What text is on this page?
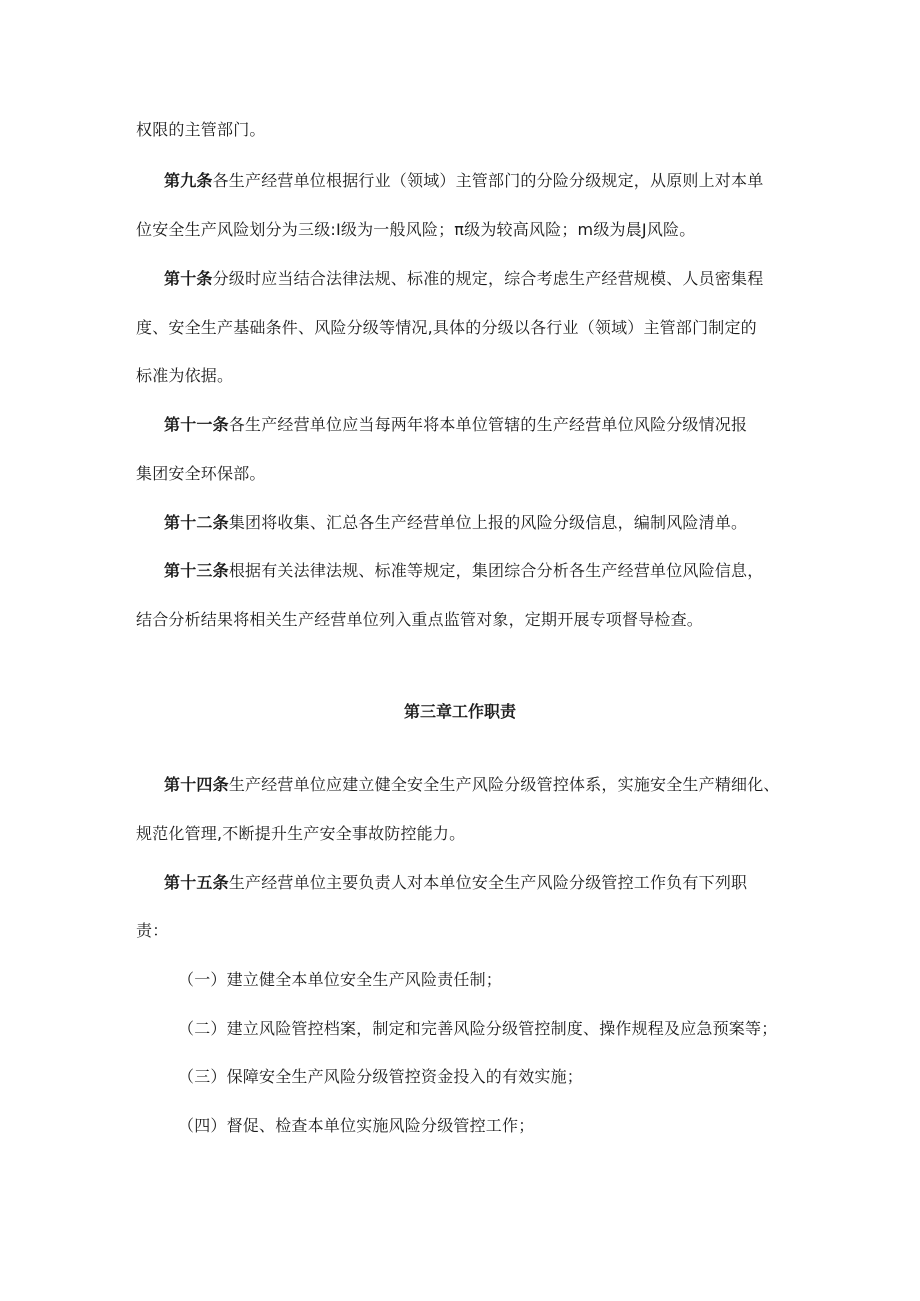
权限的主管部门。
第九条各生产经营单位根据行业（领域）主管部门的分险分级规定，从原则上对本单
位安全生产风险划分为三级:Ⅰ级为一般风险；π级为较高风险；m级为晨J风险。
第十条分级时应当结合法律法规、标准的规定，综合考虑生产经营规模、人员密集程
度、安全生产基础条件、风险分级等情况,具体的分级以各行业（领域）主管部门制定的
标准为依据。
第十一条各生产经营单位应当每两年将本单位管辖的生产经营单位风险分级情况报
集团安全环保部。
第十二条集团将收集、汇总各生产经营单位上报的风险分级信息，编制风险清单。
第十三条根据有关法律法规、标准等规定，集团综合分析各生产经营单位风险信息，
结合分析结果将相关生产经营单位列入重点监管对象，定期开展专项督导检查。
第三章工作职责
第十四条生产经营单位应建立健全安全生产风险分级管控体系，实施安全生产精细化、
规范化管理,不断提升生产安全事故防控能力。
第十五条生产经营单位主要负责人对本单位安全生产风险分级管控工作负有下列职
责：
（一）建立健全本单位安全生产风险责任制；
（二）建立风险管控档案，制定和完善风险分级管控制度、操作规程及应急预案等；
（三）保障安全生产风险分级管控资金投入的有效实施；
（四）督促、检查本单位实施风险分级管控工作；
